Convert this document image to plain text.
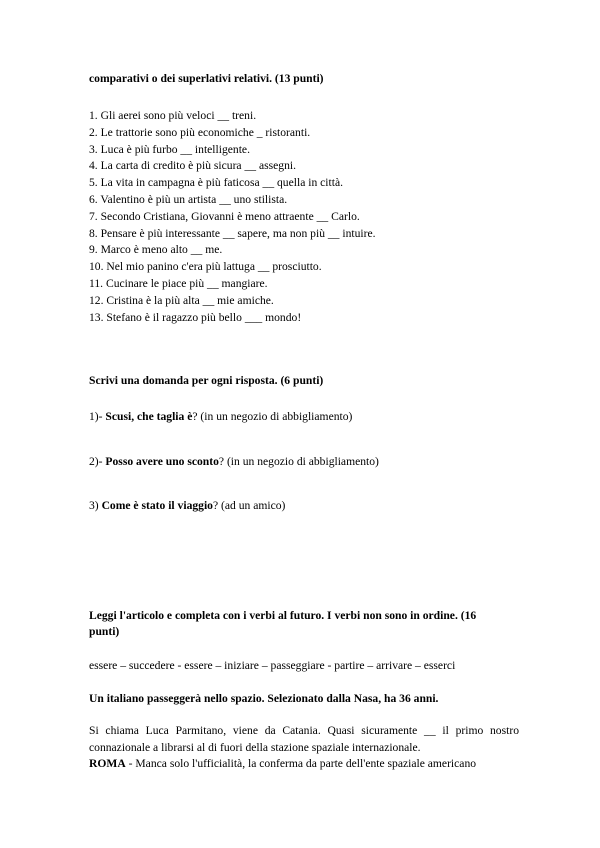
comparativi o dei superlativi relativi. (13 punti)
1. Gli aerei sono più veloci __ treni.
2. Le trattorie sono più economiche _ ristoranti.
3. Luca è più furbo __ intelligente.
4. La carta di credito è più sicura __ assegni.
5. La vita in campagna è più faticosa __ quella in città.
6. Valentino è più un artista __ uno stilista.
7. Secondo Cristiana, Giovanni è meno attraente __ Carlo.
8. Pensare è più interessante __ sapere, ma non più __ intuire.
9. Marco è meno alto __ me.
10. Nel mio panino c'era più lattuga __ prosciutto.
11. Cucinare le piace più __ mangiare.
12. Cristina è la più alta __ mie amiche.
13. Stefano è il ragazzo più bello ___ mondo!
Scrivi una domanda per ogni risposta. (6 punti)
1)- Scusi, che taglia è? (in un negozio di abbigliamento)
2)- Posso avere uno sconto? (in un negozio di abbigliamento)
3) Come è stato il viaggio? (ad un amico)
Leggi l'articolo e completa con i verbi al futuro. I verbi non sono in ordine. (16
punti)
essere – succedere - essere – iniziare – passeggiare - partire – arrivare – esserci
Un italiano passeggerà nello spazio. Selezionato dalla Nasa, ha 36 anni.
Si chiama Luca Parmitano, viene da Catania. Quasi sicuramente __ il primo nostro connazionale a librarsi al di fuori della stazione spaziale internazionale.
ROMA - Manca solo l'ufficialità, la conferma da parte dell'ente spaziale americano
